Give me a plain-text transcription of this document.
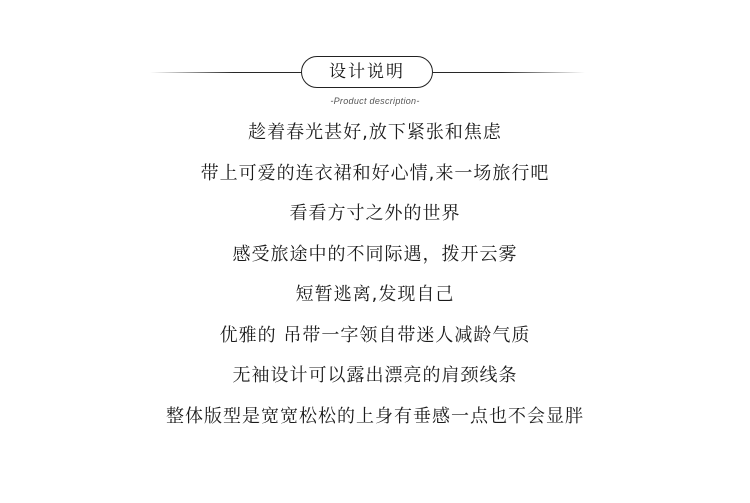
设计说明
-Product description-
趁着春光甚好,放下紧张和焦虑
带上可爱的连衣裙和好心情,来一场旅行吧
看看方寸之外的世界
感受旅途中的不同际遇，拨开云雾
短暂逃离,发现自己
优雅的 吊带一字领自带迷人减龄气质
无袖设计可以露出漂亮的肩颈线条
整体版型是宽宽松松的上身有垂感一点也不会显胖
